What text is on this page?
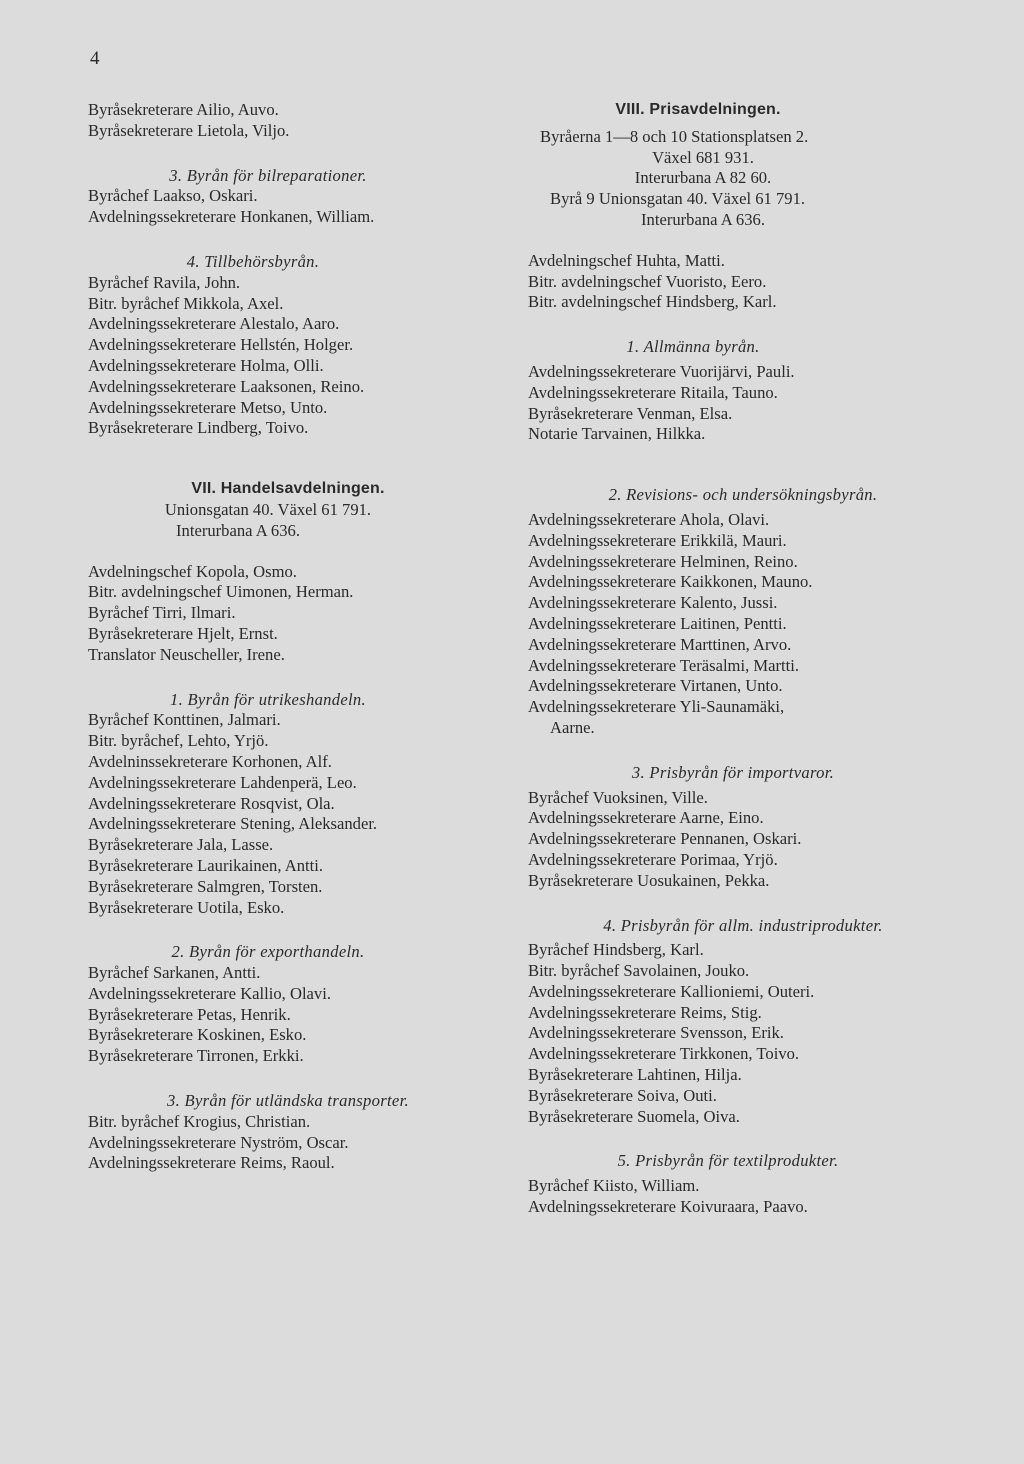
4
Byråsekreterare Ailio, Auvo.
Byråsekreterare Lietola, Viljo.
3. Byrån för bilreparationer.
Byråchef Laakso, Oskari.
Avdelningssekreterare Honkanen, William.
4. Tillbehörsbyrån.
Byråchef Ravila, John.
Bitr. byråchef Mikkola, Axel.
Avdelningssekreterare Alestalo, Aaro.
Avdelningssekreterare Hellstén, Holger.
Avdelningssekreterare Holma, Olli.
Avdelningssekreterare Laaksonen, Reino.
Avdelningssekreterare Metso, Unto.
Byråsekreterare Lindberg, Toivo.
VII. Handelsavdelningen.
Unionsgatan 40. Växel 61 791.
Interurbana A 636.
Avdelningschef Kopola, Osmo.
Bitr. avdelningschef Uimonen, Herman.
Byråchef Tirri, Ilmari.
Byråsekreterare Hjelt, Ernst.
Translator Neuscheller, Irene.
1. Byrån för utrikeshandeln.
Byråchef Konttinen, Jalmari.
Bitr. byråchef, Lehto, Yrjö.
Avdelninssekreterare Korhonen, Alf.
Avdelningssekreterare Lahdenperä, Leo.
Avdelningssekreterare Rosqvist, Ola.
Avdelningssekreterare Stening, Aleksander.
Byråsekreterare Jala, Lasse.
Byråsekreterare Laurikainen, Antti.
Byråsekreterare Salmgren, Torsten.
Byråsekreterare Uotila, Esko.
2. Byrån för exporthandeln.
Byråchef Sarkanen, Antti.
Avdelningssekreterare Kallio, Olavi.
Byråsekreterare Petas, Henrik.
Byråsekreterare Koskinen, Esko.
Byråsekreterare Tirronen, Erkki.
3. Byrån för utländska transporter.
Bitr. byråchef Krogius, Christian.
Avdelningssekreterare Nyström, Oscar.
Avdelningssekreterare Reims, Raoul.
VIII. Prisavdelningen.
Byråerna 1—8 och 10 Stationsplatsen 2.
Växel 681 931.
Interurbana A 82 60.
Byrå 9 Unionsgatan 40. Växel 61 791.
Interurbana A 636.
Avdelningschef Huhta, Matti.
Bitr. avdelningschef Vuoristo, Eero.
Bitr. avdelningschef Hindsberg, Karl.
1. Allmänna byrån.
Avdelningssekreterare Vuorijärvi, Pauli.
Avdelningssekreterare Ritaila, Tauno.
Byråsekreterare Venman, Elsa.
Notarie Tarvainen, Hilkka.
2. Revisions- och undersökningsbyrån.
Avdelningssekreterare Ahola, Olavi.
Avdelningssekreterare Erikkilä, Mauri.
Avdelningssekreterare Helminen, Reino.
Avdelningssekreterare Kaikkonen, Mauno.
Avdelningssekreterare Kalento, Jussi.
Avdelningssekreterare Laitinen, Pentti.
Avdelningssekreterare Marttinen, Arvo.
Avdelningssekreterare Teräsalmi, Martti.
Avdelningssekreterare Virtanen, Unto.
Avdelningssekreterare Yli-Saunamäki,
Aarne.
3. Prisbyrån för importvaror.
Byråchef Vuoksinen, Ville.
Avdelningssekreterare Aarne, Eino.
Avdelningssekreterare Pennanen, Oskari.
Avdelningssekreterare Porimaa, Yrjö.
Byråsekreterare Uosukainen, Pekka.
4. Prisbyrån för allm. industriprodukter.
Byråchef Hindsberg, Karl.
Bitr. byråchef Savolainen, Jouko.
Avdelningssekreterare Kallioniemi, Outeri.
Avdelningssekreterare Reims, Stig.
Avdelningssekreterare Svensson, Erik.
Avdelningssekreterare Tirkkonen, Toivo.
Byråsekreterare Lahtinen, Hilja.
Byråsekreterare Soiva, Outi.
Byråsekreterare Suomela, Oiva.
5. Prisbyrån för textilprodukter.
Byråchef Kiisto, William.
Avdelningssekreterare Koivuraara, Paavo.
